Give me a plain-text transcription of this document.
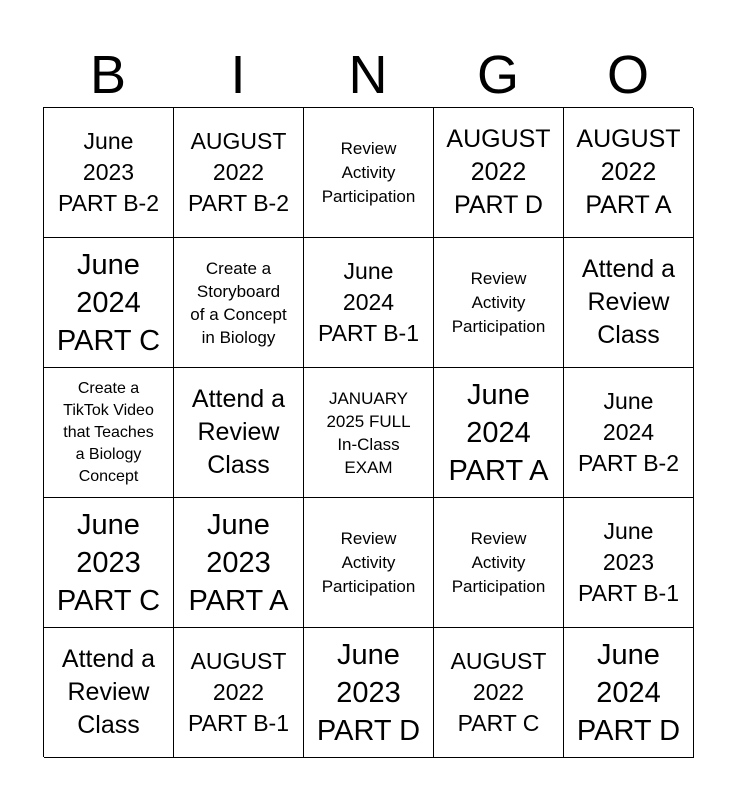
B	I	N	G	O
June
2023
PART B-2
AUGUST
2022
PART B-2
Review
Activity
Participation
AUGUST
2022
PART D
AUGUST
2022
PART A
June
2024
PART C
Create a
Storyboard
of a Concept
in Biology
June
2024
PART B-1
Review
Activity
Participation
Attend a
Review
Class
Create a
TikTok Video
that Teaches
a Biology
Concept
Attend a
Review
Class
JANUARY
2025 FULL
In-Class
EXAM
June
2024
PART A
June
2024
PART B-2
June
2023
PART C
June
2023
PART A
Review
Activity
Participation
Review
Activity
Participation
June
2023
PART B-1
Attend a
Review
Class
AUGUST
2022
PART B-1
June
2023
PART D
AUGUST
2022
PART C
June
2024
PART D
